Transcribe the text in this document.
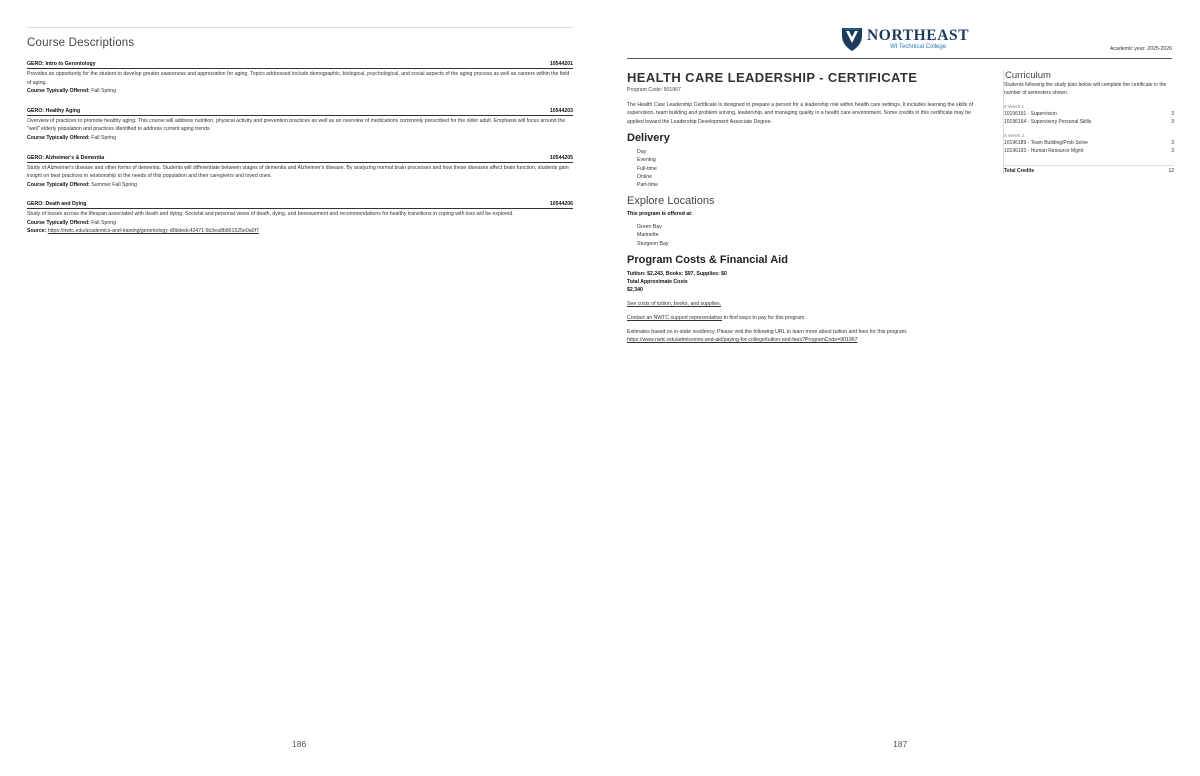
Course Descriptions
GERO: Intro to Gerontology	10544201
Provides an opportunity for the student to develop greater awareness and appreciation for aging. Topics addressed include demographic, biological, psychological, and social aspects of the aging process as well as careers within the field of aging.
Course Typically Offered: Fall Spring
GERO: Healthy Aging	10544203
Overview of practices to promote healthy aging. This course will address nutrition, physical activity and prevention practices as well as an overview of medications commonly prescribed for the older adult. Emphasis will focus around the "well" elderly population and practices identified to address current aging trends.
Course Typically Offered: Fall Spring
GERO: Alzheimer's & Dementia	10544205
Study of Alzheimer's disease and other forms of dementia. Students will differentiate between stages of dementia and Alzheimer's disease. By analyzing normal brain processes and how these diseases affect brain function, students gain insight on best practices in relationship to the needs of this population and their caregivers and loved ones.
Course Typically Offered: Summer Fall Spring
GERO: Death and Dying	10544206
Study of losses across the lifespan associated with death and dying. Societal and personal views of death, dying, and bereavement and recommendations for healthy transitions in coping with loss will be explored.
Course Typically Offered: Fall Spring
Source: https://nwtc.edu/academics-and-training/gerontology-d0bdedc42471 6b3ea8b861525e0a0f7
186
NORTHEAST
WI Technical College	Academic year: 2025-2026
HEALTH CARE LEADERSHIP - CERTIFICATE
Program Code: 901967
The Health Care Leadership Certificate is designed to prepare a person for a leadership role within health care settings. It includes learning the skills of supervision, team building and problem solving, leadership, and managing quality in a health care environment. Some credits in this certificate may be applied toward the Leadership Development Associate Degree.
Delivery
Day
Evening
Full-time
Online
Part-time
Explore Locations
This program is offered at:
Green Bay
Marinette
Sturgeon Bay
Program Costs & Financial Aid
Tuition: $2,243, Books: $97, Supplies: $0
Total Approximate Costs
$2,340
See costs of tuition, books, and supplies.
Contact an NWTC support representative to find ways to pay for this program.
Estimates based on in-state residency. Please visit the following URL to learn more about tuition and fees for this program.
https://www.nwtc.edu/admissions-and-aid/paying-for-college/tuition-and-fees?ProgramCode=901967
Curriculum
Students following the study plan below will complete the certificate in the number of semesters shown.
8 Week 1
10196191 - Supervision	3
10196164 - Supervisory Personal Skills	3
8 Week 2
10196189 - Team Building/Prob Solve	3
10196193 - Human Resource Mgmt	3
Total Credits	12
187
